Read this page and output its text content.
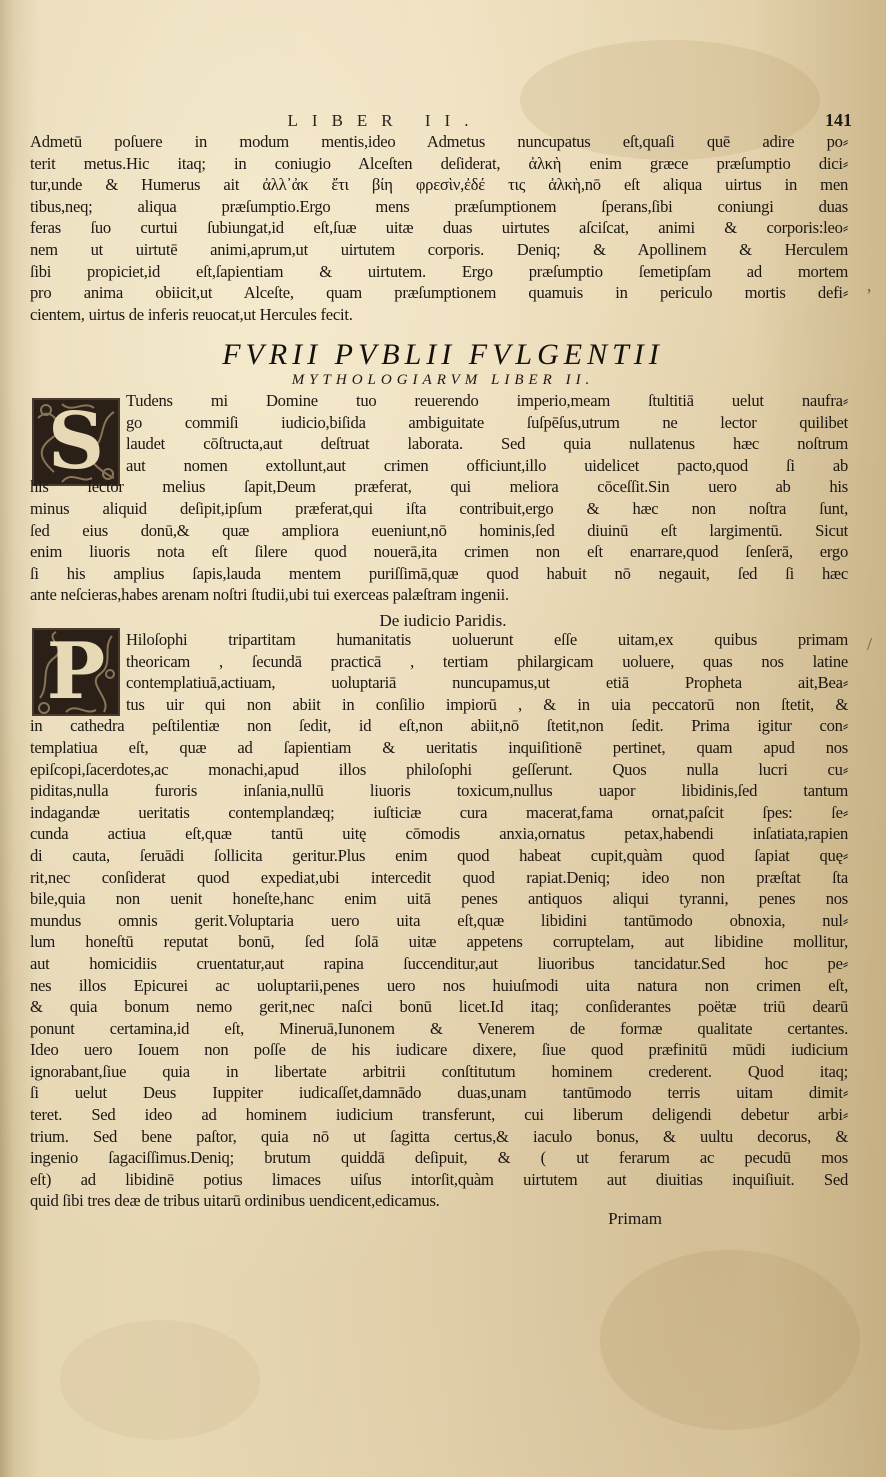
LIBER II.	141
Admetū poſuere in modum mentis,ideo Admetus nuncupatus eſt,quaſi quē adire po⸗
terit metus.Hic itaq; in coniugio Alceſten deſiderat, ἀλκὴ enim græce præſumptio dici⸗
tur,unde & Humerus ait ἀλλ᾽ἀκ ἔτι βίη φρεσὶν,ἐδέ τις ἀλκὴ,nō eſt aliqua uirtus in men
tibus,neq; aliqua præſumptio.Ergo mens præſumptionem ſperans,ſibi coniungi duas
feras ſuo curtui ſubiungat,id eſt,ſuæ uitæ duas uirtutes aſciſcat, animi & corporis:leo⸗
nem ut uirtutē animi,aprum,ut uirtutem corporis. Deniq; & Apollinem & Herculem
ſibi propiciet,id eſt,ſapientiam & uirtutem. Ergo præſumptio ſemetipſam ad mortem
pro anima obiicit,ut Alceſte, quam præſumptionem quamuis in periculo mortis defi⸗
cientem, uirtus de inferis reuocat,ut Hercules fecit.
FVRII PVBLII FVLGENTII
MYTHOLOGIARVM LIBER II.
S	Tudens mi Domine tuo reuerendo imperio,meam ſtultitiā uelut naufra⸗
go commiſi iudicio,biſida ambiguitate ſuſpēſus,utrum ne lector quilibet
laudet cōſtructa,aut deſtruat laborata. Sed quia nullatenus hæc noſtrum
aut nomen extollunt,aut crimen officiunt,illo uidelicet pacto,quod ſi ab
his lector melius ſapit,Deum præferat, qui meliora cōceſſit.Sin uero ab his
minus aliquid deſipit,ipſum præferat,qui iſta contribuit,ergo & hæc non noſtra ſunt,
ſed eius donū,& quæ ampliora eueniunt,nō hominis,ſed diuinū eſt largimentū. Sicut
enim liuoris nota eſt ſilere quod nouerā,ita crimen non eſt enarrare,quod ſenſerā, ergo
ſi his amplius ſapis,lauda mentem puriſſimā,quæ quod habuit nō negauit, ſed ſi hæc
ante neſcieras,habes arenam noſtri ſtudii,ubi tui exerceas palæſtram ingenii.
De iudicio Paridis.
P	Hiloſophi tripartitam humanitatis uoluerunt eſſe uitam,ex quibus primam
theoricam , ſecundā practicā , tertiam philargicam uoluere, quas nos latine
contemplatiuā,actiuam, uoluptariā nuncupamus,ut etiā Propheta ait,Bea⸗
tus uir qui non abiit in conſilio impiorū , & in uia peccatorū non ſtetit, &
in cathedra peſtilentiæ non ſedit, id eſt,non abiit,nō ſtetit,non ſedit. Prima igitur con⸗
templatiua eſt, quæ ad ſapientiam & ueritatis inquiſitionē pertinet, quam apud nos
epiſcopi,ſacerdotes,ac monachi,apud illos philoſophi geſſerunt. Quos nulla lucri cu⸗
piditas,nulla furoris inſania,nullū liuoris toxicum,nullus uapor libidinis,ſed tantum
indagandæ ueritatis contemplandæq; iuſticiæ cura macerat,fama ornat,paſcit ſpes: ſe⸗
cunda actiua eſt,quæ tantū uitę cōmodis anxia,ornatus petax,habendi inſatiata,rapien
di cauta, ſeruādi ſollicita geritur.Plus enim quod habeat cupit,quàm quod ſapiat quę⸗
rit,nec conſiderat quod expediat,ubi intercedit quod rapiat.Deniq; ideo non præſtat ſta
bile,quia non uenit honeſte,hanc enim uitā penes antiquos aliqui tyranni, penes nos
mundus omnis gerit.Voluptaria uero uita eſt,quæ libidini tantūmodo obnoxia, nul⸗
lum honeſtū reputat bonū, ſed ſolā uitæ appetens corruptelam, aut libidine mollitur,
aut homicidiis cruentatur,aut rapina ſuccenditur,aut liuoribus tancidatur.Sed hoc pe⸗
nes illos Epicurei ac uoluptarii,penes uero nos huiuſmodi uita natura non crimen eſt,
& quia bonum nemo gerit,nec naſci bonū licet.Id itaq; conſiderantes poëtæ triū dearū
ponunt certamina,id eſt, Mineruā,Iunonem & Venerem de formæ qualitate certantes.
Ideo uero Iouem non poſſe de his iudicare dixere, ſiue quod præfinitū mūdi iudicium
ignorabant,ſiue quia in libertate arbitrii conſtitutum hominem crederent. Quod itaq;
ſi uelut Deus Iuppiter iudicaſſet,damnādo duas,unam tantūmodo terris uitam dimit⸗
teret. Sed ideo ad hominem iudicium transferunt, cui liberum deligendi debetur arbi⸗
trium. Sed bene paſtor, quia nō ut ſagitta certus,& iaculo bonus, & uultu decorus, &
ingenio ſagaciſſimus.Deniq; brutum quiddā deſipuit, & ( ut ferarum ac pecudū mos
eſt) ad libidinē potius limaces uiſus intorſit,quàm uirtutem aut diuitias inquiſiuit. Sed
quid ſibi tres deæ de tribus uitarū ordinibus uendicent,edicamus.
Primam
ʼ
/
